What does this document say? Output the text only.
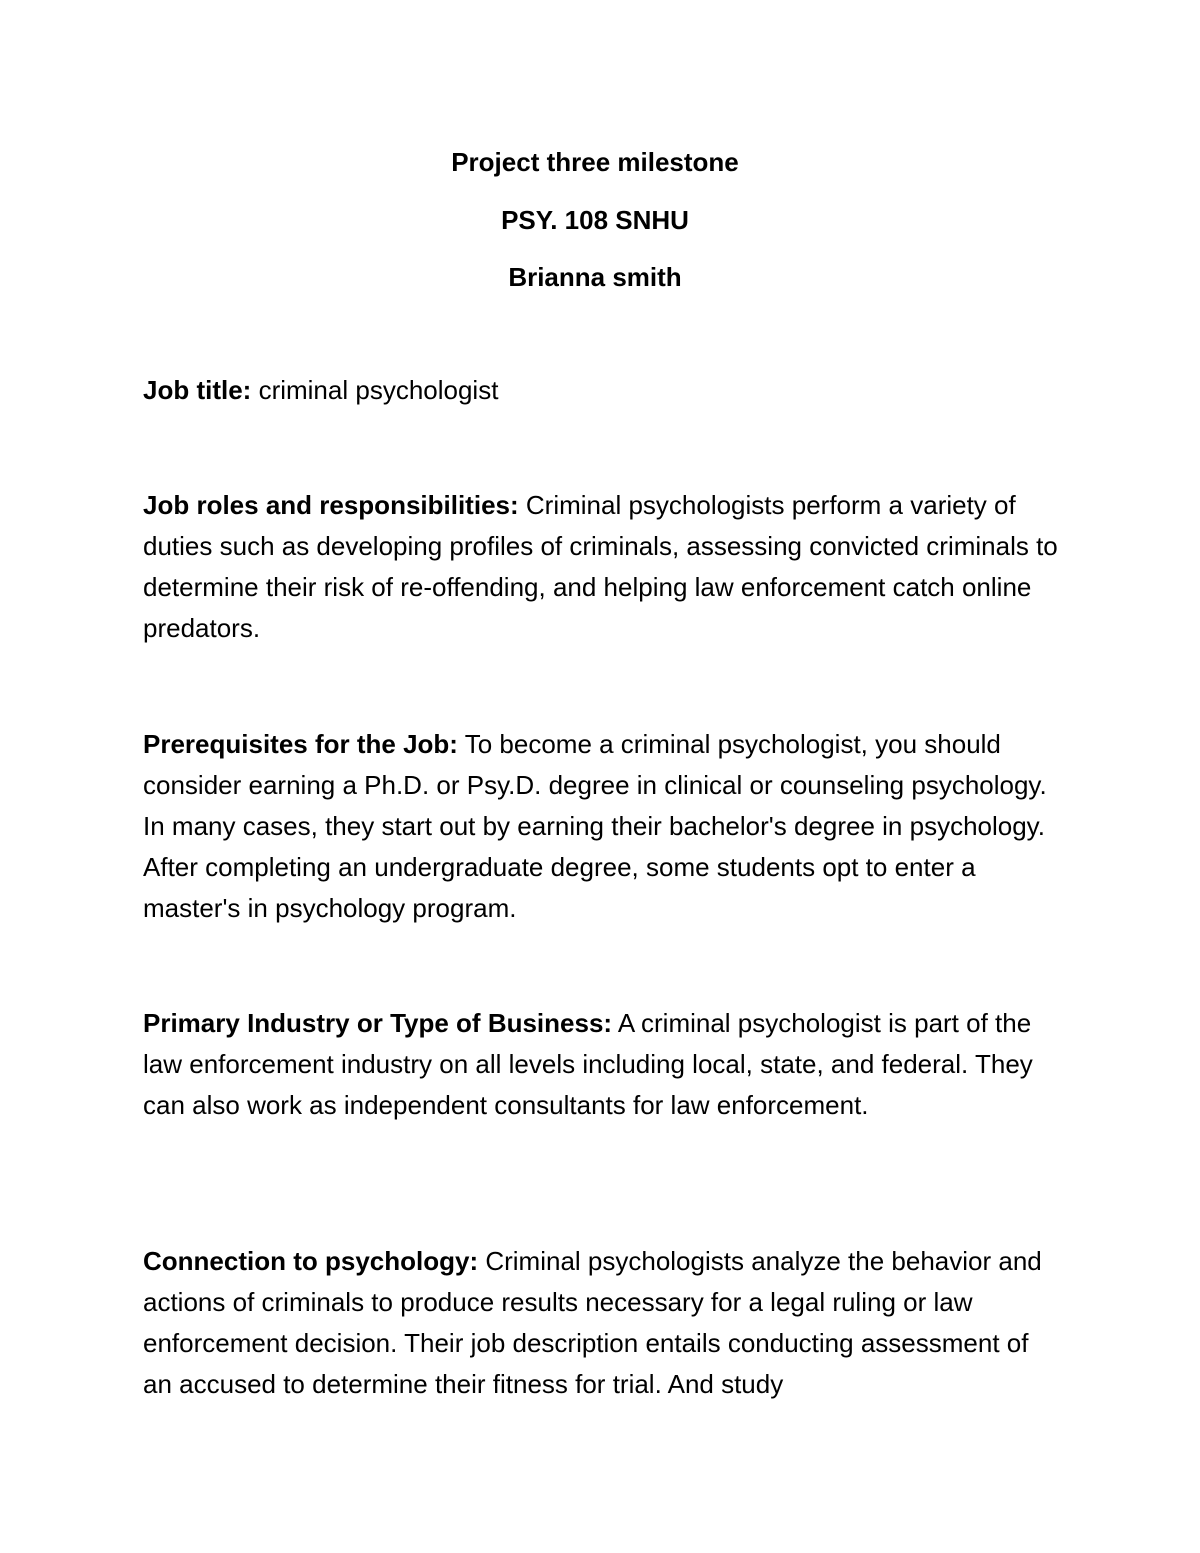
Project three milestone

PSY. 108 SNHU

Brianna smith

Job title: criminal psychologist

Job roles and responsibilities: Criminal psychologists perform a variety of duties such as developing profiles of criminals, assessing convicted criminals to determine their risk of re-offending, and helping law enforcement catch online predators.

Prerequisites for the Job: To become a criminal psychologist, you should consider earning a Ph.D. or Psy.D. degree in clinical or counseling psychology. In many cases, they start out by earning their bachelor's degree in psychology. After completing an undergraduate degree, some students opt to enter a master's in psychology program.

Primary Industry or Type of Business: A criminal psychologist is part of the law enforcement industry on all levels including local, state, and federal. They can also work as independent consultants for law enforcement.

Connection to psychology: Criminal psychologists analyze the behavior and actions of criminals to produce results necessary for a legal ruling or law enforcement decision. Their job description entails conducting assessment of an accused to determine their fitness for trial. And study
